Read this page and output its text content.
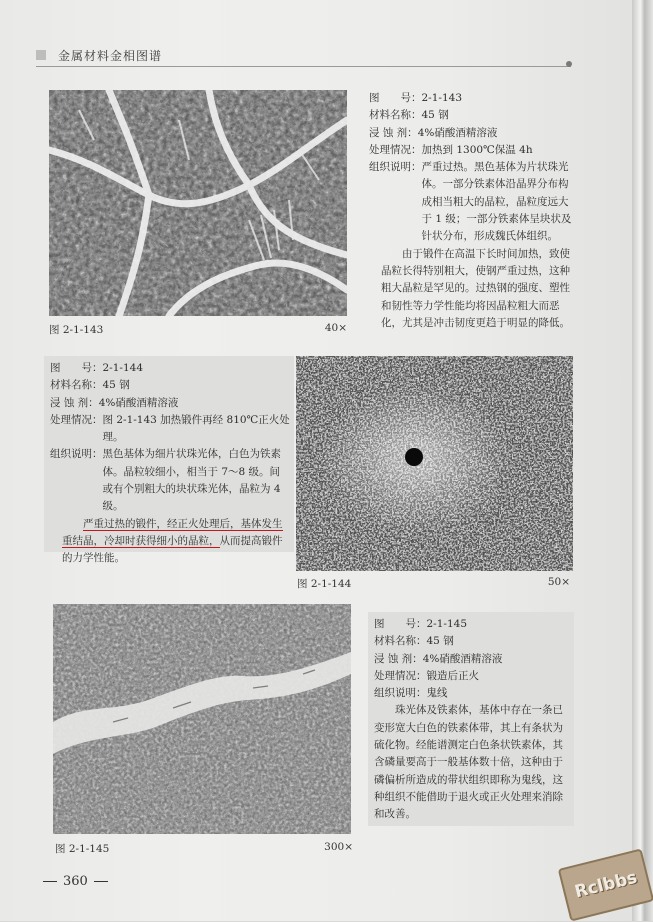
金属材料金相图谱
图 2-1-143	40×
图　　号： 2-1-143
材料名称： 45 钢
浸 蚀 剂： 4%硝酸酒精溶液
处理情况： 加热到 1300℃保温 4h
组织说明： 严重过热。黑色基体为片状珠光体。一部分铁素体沿晶界分布构成相当粗大的晶粒，晶粒度远大于 1 级；一部分铁素体呈块状及针状分布，形成魏氏体组织。
由于锻件在高温下长时间加热，致使晶粒长得特别粗大，使钢严重过热，这种粗大晶粒是罕见的。过热钢的强度、塑性和韧性等力学性能均将因晶粒粗大而恶化，尤其是冲击韧度更趋于明显的降低。
图　　号： 2-1-144
材料名称： 45 钢
浸 蚀 剂： 4%硝酸酒精溶液
处理情况： 图 2-1-143 加热锻件再经 810℃正火处理。
组织说明： 黑色基体为细片状珠光体，白色为铁素体。晶粒较细小，相当于 7～8 级。间或有个别粗大的块状珠光体，晶粒为 4 级。
严重过热的锻件，经正火处理后，基体发生重结晶，冷却时获得细小的晶粒，从而提高锻件的力学性能。
图 2-1-144	50×
图 2-1-145	300×
图　　号： 2-1-145
材料名称： 45 钢
浸 蚀 剂： 4%硝酸酒精溶液
处理情况： 锻造后正火
组织说明： 鬼线
珠光体及铁素体，基体中存在一条已变形宽大白色的铁素体带，其上有条状为硫化物。经能谱测定白色条状铁素体，其含磷量要高于一般基体数十倍，这种由于磷偏析所造成的带状组织即称为鬼线，这种组织不能借助于退火或正火处理来消除和改善。
360	Rclbbs
